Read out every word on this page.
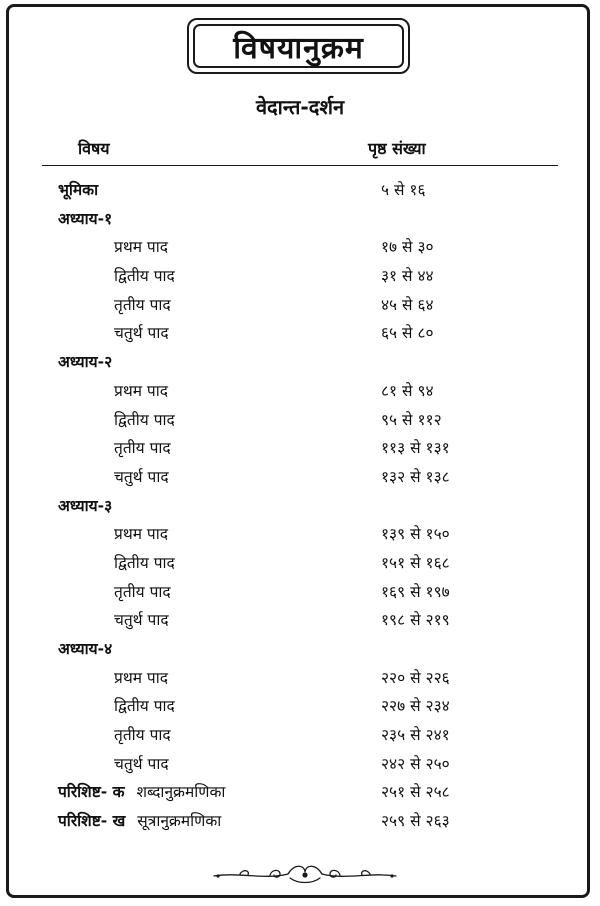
विषयानुक्रम
वेदान्त-दर्शन
विषय	पृष्ठ संख्या
भूमिका	५ से १६
अध्याय-१
प्रथम पाद	१७ से ३०
द्वितीय पाद	३१ से ४४
तृतीय पाद	४५ से ६४
चतुर्थ पाद	६५ से ८०
अध्याय-२
प्रथम पाद	८१ से ९४
द्वितीय पाद	९५ से ११२
तृतीय पाद	११३ से १३१
चतुर्थ पाद	१३२ से १३८
अध्याय-३
प्रथम पाद	१३९ से १५०
द्वितीय पाद	१५१ से १६८
तृतीय पाद	१६९ से १९७
चतुर्थ पाद	१९८ से २१९
अध्याय-४
प्रथम पाद	२२० से २२६
द्वितीय पाद	२२७ से २३४
तृतीय पाद	२३५ से २४१
चतुर्थ पाद	२४२ से २५०
परिशिष्ट- क शब्दानुक्रमणिका	२५१ से २५८
परिशिष्ट- ख सूत्रानुक्रमणिका	२५९ से २६३
